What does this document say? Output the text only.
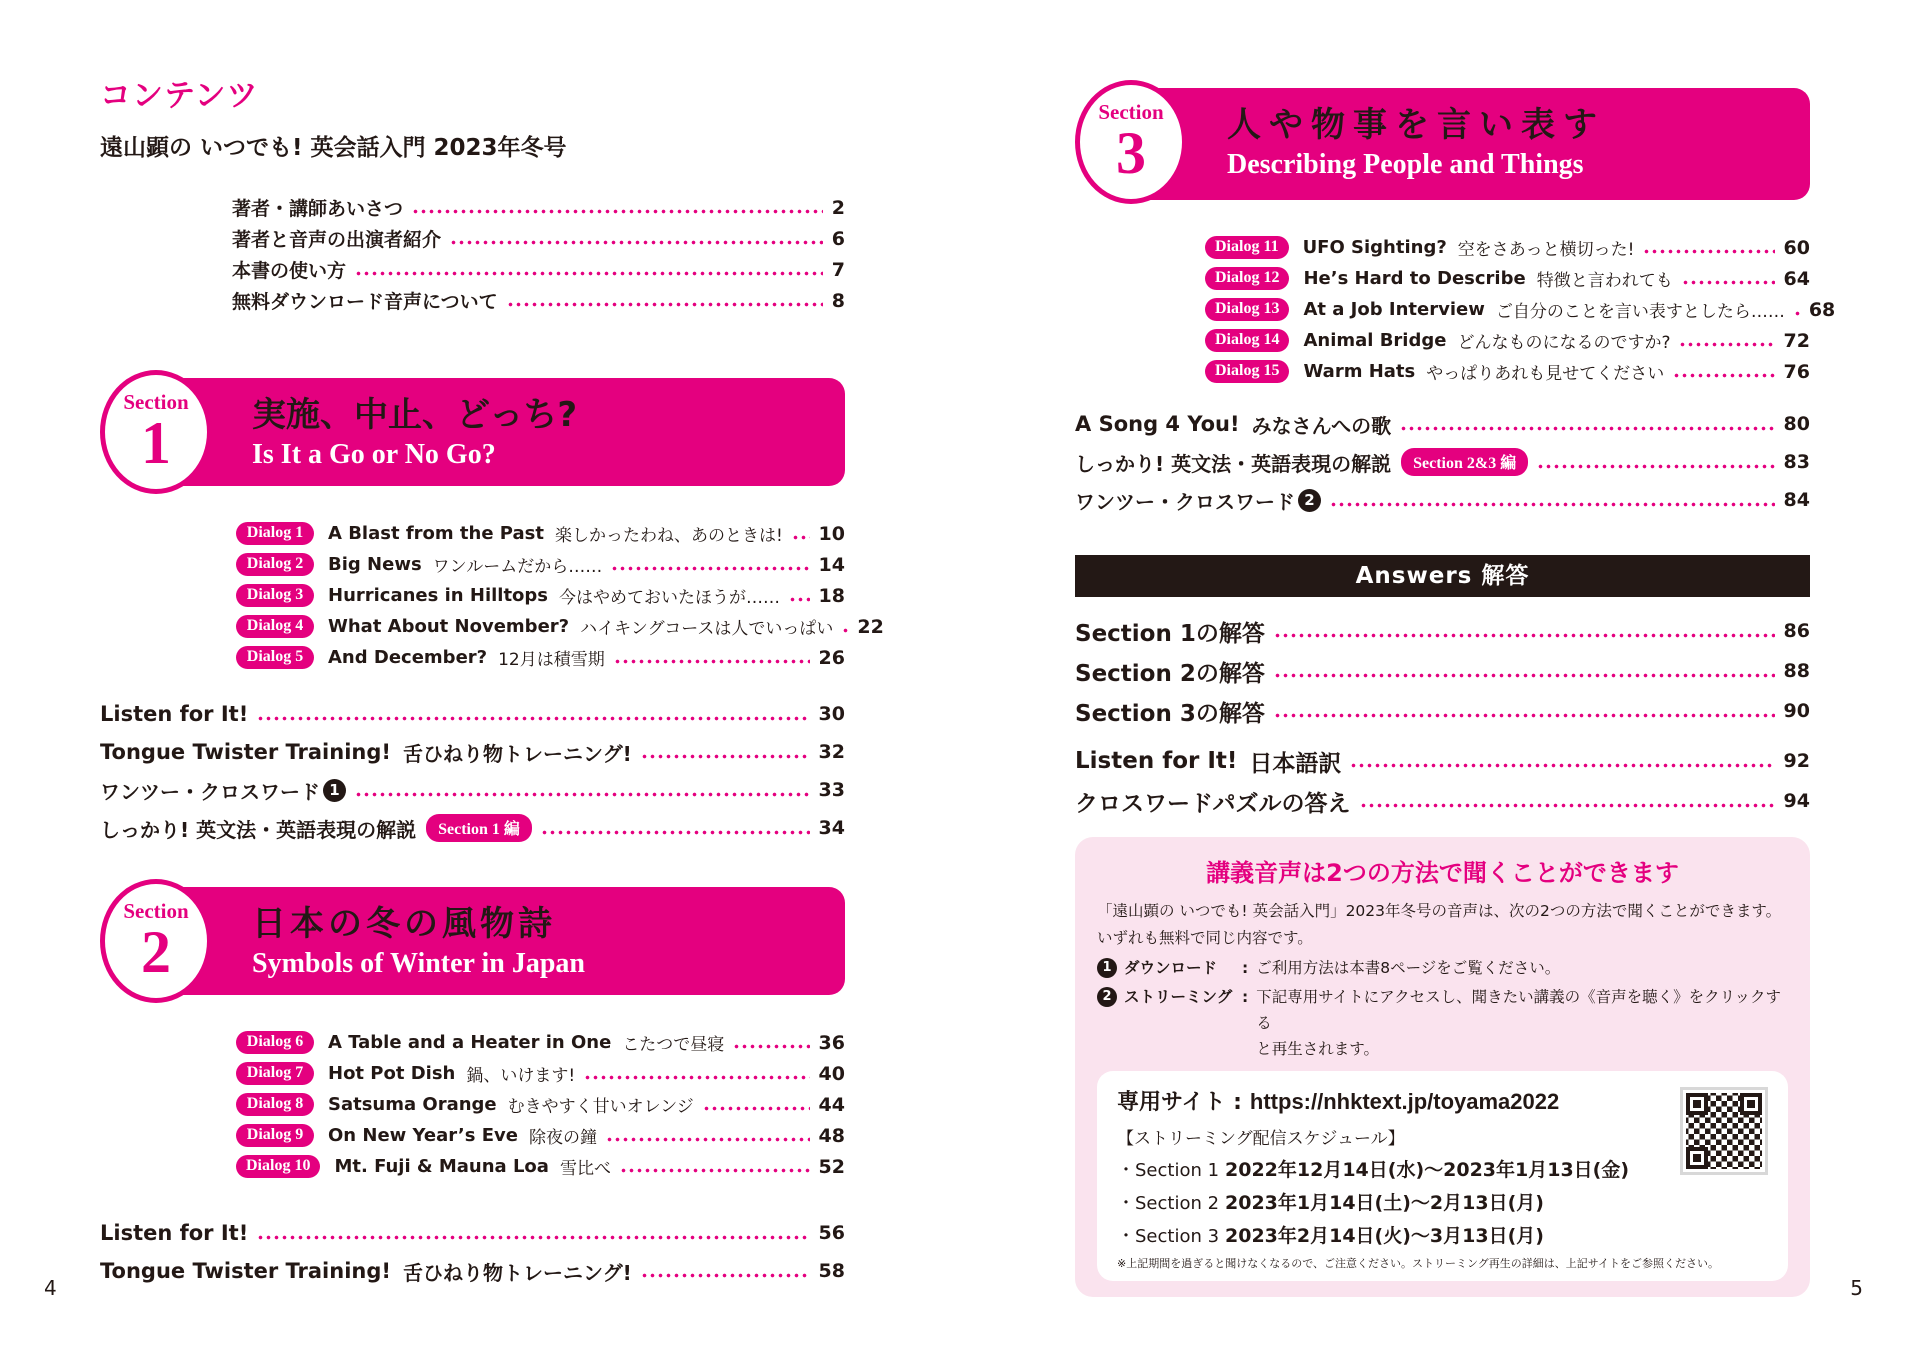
コンテンツ
遠山顕の いつでも! 英会話入門 2023年冬号
著者・講師あいさつ	2
著者と音声の出演者紹介	6
本書の使い方	7
無料ダウンロード音声について	8
Section
1	実施、中止、どっち?
Is It a Go or No Go?
Dialog 1	A Blast from the Past 楽しかったわね、あのときは! 10
Dialog 2	Big News ワンルームだから……	14
Dialog 3	Hurricanes in Hilltops 今はやめておいたほうが…… 18
Dialog 4	What About November? ハイキングコースは人でいっぱい 22
Dialog 5	And December? 12月は積雪期	26
Listen for It!	30
Tongue Twister Training! 舌ひねり物トレーニング!	32
ワンツー・クロスワード 1	33
しっかり! 英文法・英語表現の解説	Section 1 編	34
Section
2	日本の冬の風物詩
Symbols of Winter in Japan
Dialog 6	A Table and a Heater in One こたつで昼寝	36
Dialog 7	Hot Pot Dish 鍋、いけます!	40
Dialog 8	Satsuma Orange むきやすく甘いオレンジ	44
Dialog 9	On New Year’s Eve 除夜の鐘	48
Dialog 10	Mt. Fuji & Mauna Loa 雪比べ	52
Listen for It!	56
Tongue Twister Training! 舌ひねり物トレーニング!	58
Section
3	人や物事を言い表す
Describing People and Things
Dialog 11	UFO Sighting? 空をさあっと横切った!	60
Dialog 12	He’s Hard to Describe 特徴と言われても	64
Dialog 13	At a Job Interview ご自分のことを言い表すとしたら…… 68
Dialog 14	Animal Bridge どんなものになるのですか?	72
Dialog 15	Warm Hats やっぱりあれも見せてください	76
A Song 4 You! みなさんへの歌	80
しっかり! 英文法・英語表現の解説	Section 2&3 編	83
ワンツー・クロスワード 2	84
Answers 解答
Section 1の解答	86
Section 2の解答	88
Section 3の解答	90
Listen for It! 日本語訳	92
クロスワードパズルの答え	94
講義音声は2つの方法で聞くことができます
「遠山顕の いつでも! 英会話入門」2023年冬号の音声は、次の2つの方法で聞くことができます。
いずれも無料で同じ内容です。
1 ダウンロード	: ご利用方法は本書8ページをご覧ください。
2 ストリーミング : 下記専用サイトにアクセスし、聞きたい講義の《音声を聴く》をクリックする
と再生されます。
専用サイト : https://nhktext.jp/toyama2022
【ストリーミング配信スケジュール】
・Section 1 2022年12月14日(水)〜2023年1月13日(金)
・Section 2 2023年1月14日(土)〜2月13日(月)
・Section 3 2023年2月14日(火)〜3月13日(月)
※上記期間を過ぎると聞けなくなるので、ご注意ください。ストリーミング再生の詳細は、上記サイトをご参照ください。
4	5
